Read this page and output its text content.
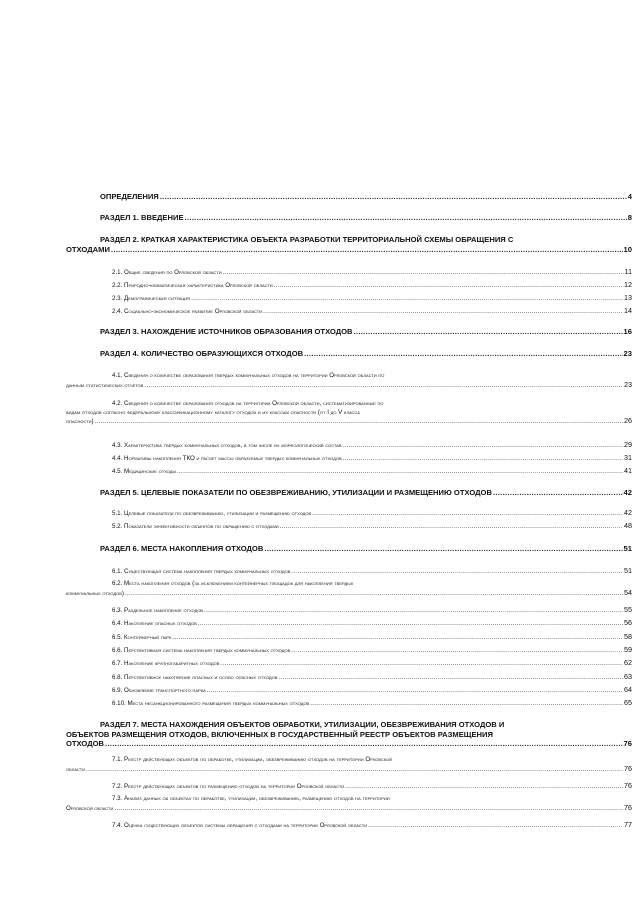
ОПРЕДЕЛЕНИЯ .....	4
РАЗДЕЛ 1. ВВЕДЕНИЕ .....	8
РАЗДЕЛ 2. КРАТКАЯ ХАРАКТЕРИСТИКА ОБЪЕКТА РАЗРАБОТКИ ТЕРРИТОРИАЛЬНОЙ СХЕМЫ ОБРАЩЕНИЯ С
ОТХОДАМИ .....	10
2.1. Общие сведения по Орловской области .....	11
2.2. Природно-климатическая характеристика Орловской области .....	12
2.3. Демографическая ситуация .....	13
2.4. Социально-экономическое развитие Орловской области .....	14
РАЗДЕЛ 3. НАХОЖДЕНИЕ ИСТОЧНИКОВ ОБРАЗОВАНИЯ ОТХОДОВ .....	16
РАЗДЕЛ 4. КОЛИЧЕСТВО ОБРАЗУЮЩИХСЯ ОТХОДОВ .....	23
4.1. Сведения о количестве образования твердых коммунальных отходов на территории Орловской области по
данным статистических отчетов .....	23
4.2. Сведения о количестве образования отходов на территории Орловской области, систематизированные по
видам отходов согласно федеральному классификационному каталогу отходов и их классам опасности (от I до V класса
опасности) .....	26
4.3. Характеристика твердых коммунальных отходов, в том числе их морфологический состав .....	29
4.4. Нормативы накопления ТКО и расчет массы образуемых твердых коммунальных отходов .....	31
4.5. Медицинские отходы .....	41
РАЗДЕЛ 5. ЦЕЛЕВЫЕ ПОКАЗАТЕЛИ ПО ОБЕЗВРЕЖИВАНИЮ, УТИЛИЗАЦИИ И РАЗМЕЩЕНИЮ ОТХОДОВ .....	42
5.1. Целевые показатели по обезвреживанию, утилизации и размещению отходов .....	42
5.2. Показатели эффективности объектов по обращению с отходами .....	48
РАЗДЕЛ 6. МЕСТА НАКОПЛЕНИЯ ОТХОДОВ .....	51
6.1. Существующая система накопления твердых коммунальных отходов .....	51
6.2. Места накопления отходов (за исключением контейнерных площадок для накопления твердых
коммунальных отходов) .....	54
6.3. Раздельное накопление отходов .....	55
6.4. Накопление опасных отходов .....	56
6.5. Контейнерный парк .....	58
6.6. Перспективная система накопления твердых коммунальных отходов .....	59
6.7. Накопление крупногабаритных отходов .....	62
6.8. Перспективное накопление опасных и особо опасных отходов .....	63
6.9. Обновление транспортного парка .....	64
6.10. Места несанкционированного размещения твердых коммунальных отходов .....	65
РАЗДЕЛ 7. МЕСТА НАХОЖДЕНИЯ ОБЪЕКТОВ ОБРАБОТКИ, УТИЛИЗАЦИИ, ОБЕЗВРЕЖИВАНИЯ ОТХОДОВ И
ОБЪЕКТОВ РАЗМЕЩЕНИЯ ОТХОДОВ, ВКЛЮЧЕННЫХ В ГОСУДАРСТВЕННЫЙ РЕЕСТР ОБЪЕКТОВ РАЗМЕЩЕНИЯ
ОТХОДОВ .....	76
7.1. Реестр действующих объектов по обработке, утилизации, обезвреживанию отходов на территории Орловской
области .....	76
7.2. Реестр действующих объектов по размещению отходов на территории Орловской области .....	76
7.3. Анализ данных об объектах по обработке, утилизации, обезвреживанию, размещению отходов на территории
Орловской области .....	76
7.4. Оценка существующих объектов системы обращения с отходами на территории Орловской области .....	77
